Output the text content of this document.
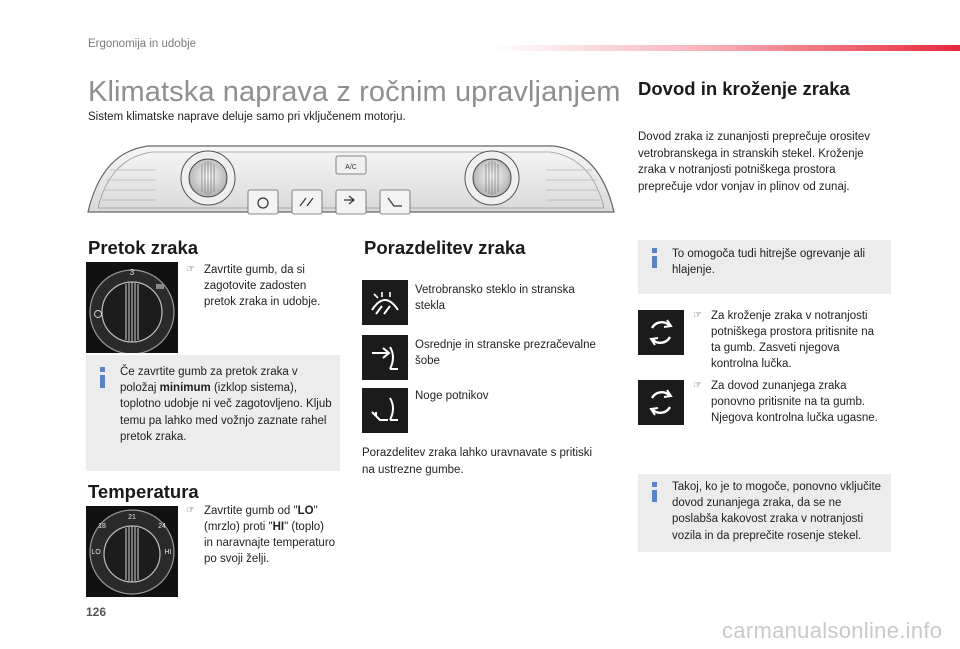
Ergonomija in udobje
Klimatska naprava z ročnim upravljanjem
Sistem klimatske naprave deluje samo pri vključenem motorju.
A/C
Pretok zraka
3	☞ Zavrtite gumb, da si zagotovite zadosten pretok zraka in udobje.
Če zavrtite gumb za pretok zraka v položaj minimum (izklop sistema), toplotno udobje ni več zagotovljeno. Kljub temu pa lahko med vožnjo zaznate rahel pretok zraka.
Temperatura
21
18	24
LO	HI
☞ Zavrtite gumb od "LO" (mrzlo) proti "HI" (toplo) in naravnajte temperaturo po svoji želji.
Porazdelitev zraka
Vetrobransko steklo in stranska stekla
Osrednje in stranske prezračevalne šobe
Noge potnikov
Porazdelitev zraka lahko uravnavate s pritiski na ustrezne gumbe.
Dovod in kroženje zraka
Dovod zraka iz zunanjosti preprečuje orositev vetrobranskega in stranskih stekel. Kroženje zraka v notranjosti potniškega prostora preprečuje vdor vonjav in plinov od zunaj.
To omogoča tudi hitrejše ogrevanje ali hlajenje.
☞ Za kroženje zraka v notranjosti potniškega prostora pritisnite na ta gumb. Zasveti njegova kontrolna lučka.
☞ Za dovod zunanjega zraka ponovno pritisnite na ta gumb. Njegova kontrolna lučka ugasne.
Takoj, ko je to mogoče, ponovno vključite dovod zunanjega zraka, da se ne poslabša kakovost zraka v notranjosti vozila in da preprečite rosenje stekel.
126
carmanualsonline.info
